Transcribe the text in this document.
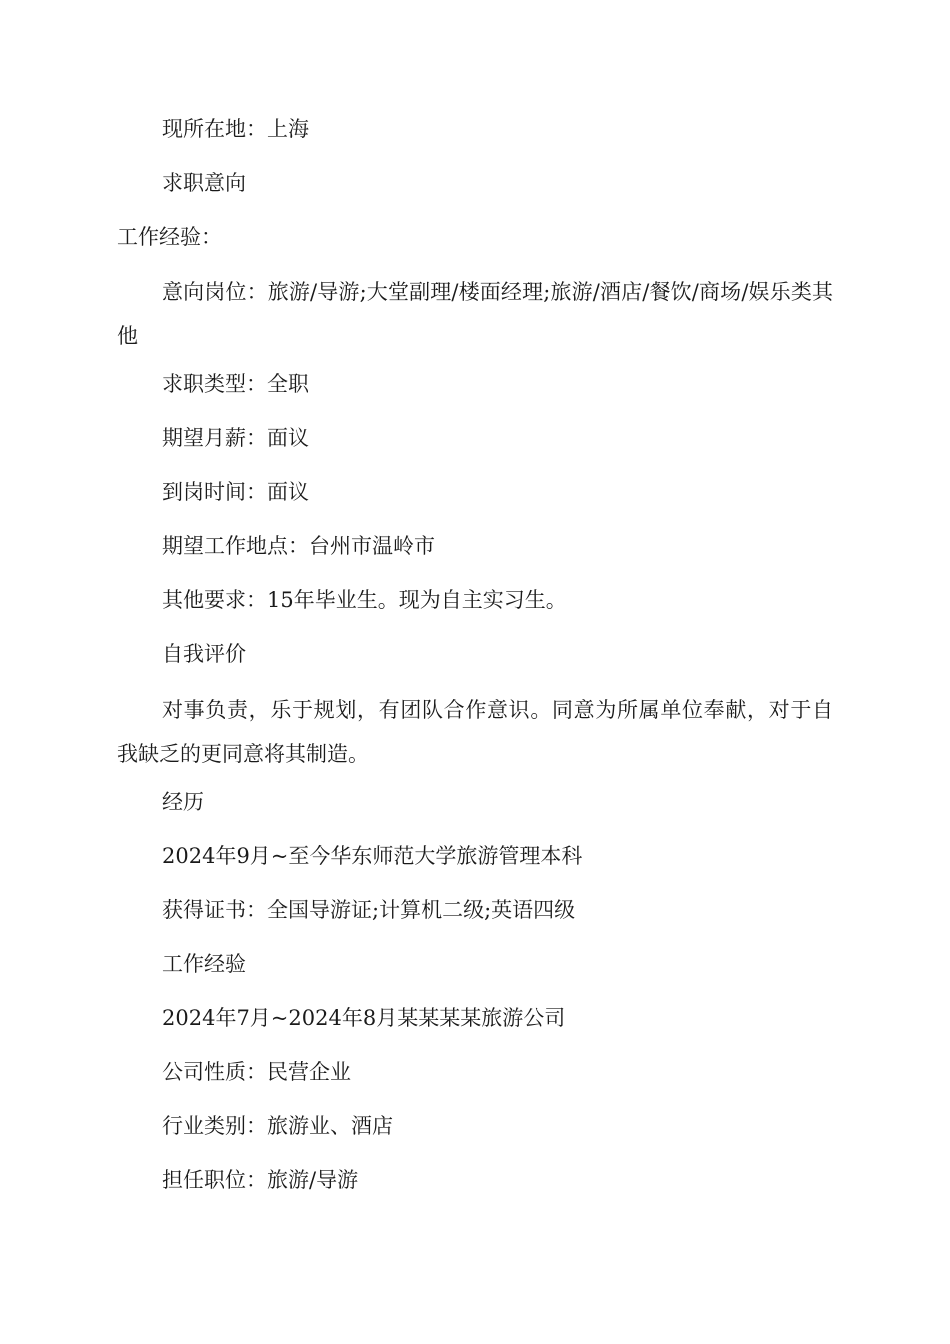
现所在地：上海
求职意向
工作经验：
意向岗位：旅游/导游;大堂副理/楼面经理;旅游/酒店/餐饮/商场/娱乐类其他
求职类型：全职
期望月薪：面议
到岗时间：面议
期望工作地点：台州市温岭市
其他要求：15年毕业生。现为自主实习生。
自我评价
对事负责，乐于规划，有团队合作意识。同意为所属单位奉献，对于自我缺乏的更同意将其制造。
经历
2024年9月~至今华东师范大学旅游管理本科
获得证书：全国导游证;计算机二级;英语四级
工作经验
2024年7月~2024年8月某某某某旅游公司
公司性质：民营企业
行业类别：旅游业、酒店
担任职位：旅游/导游
